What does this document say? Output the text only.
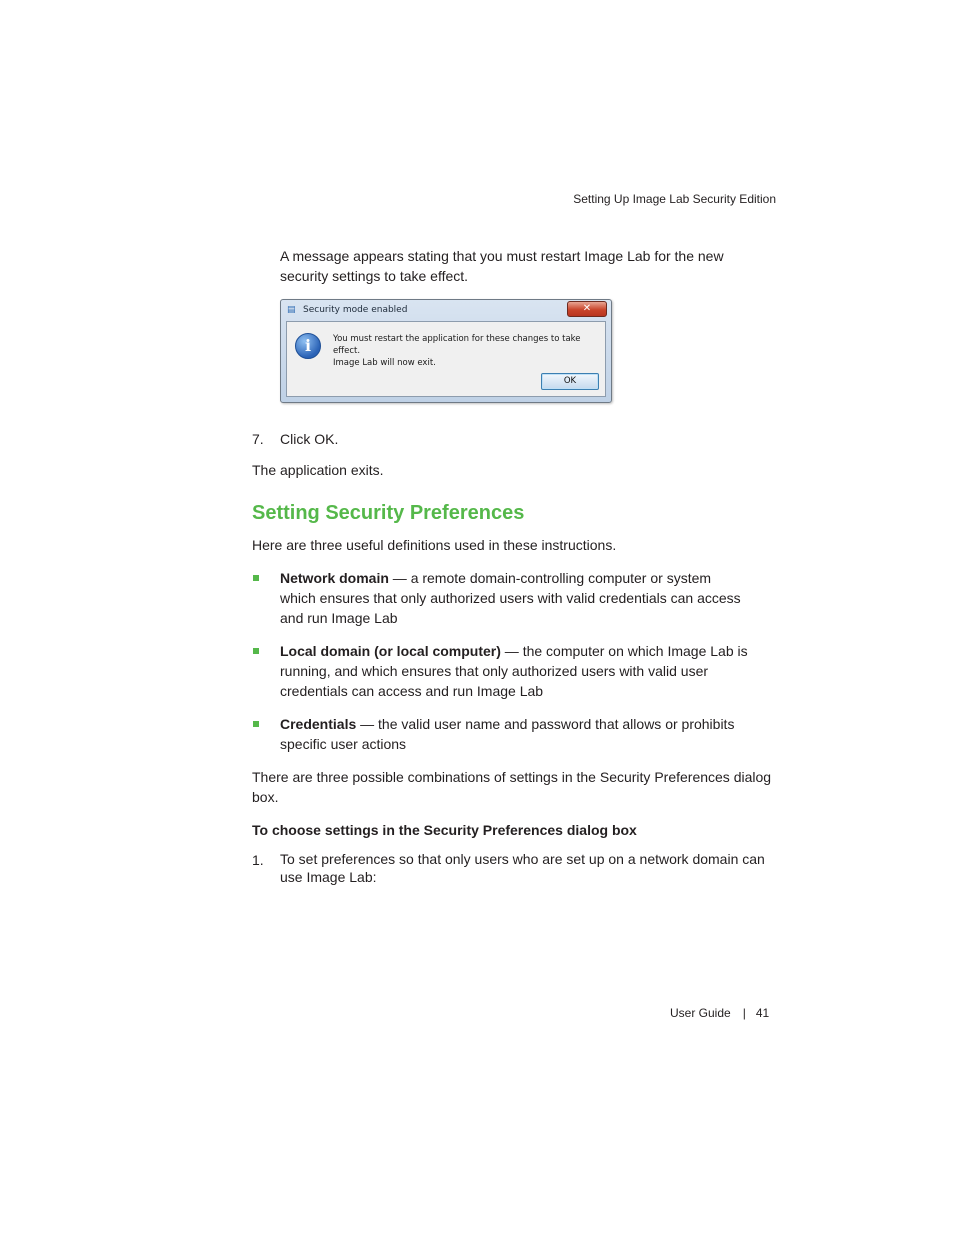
Setting Up Image Lab Security Edition
A message appears stating that you must restart Image Lab for the new security settings to take effect.
▤ Security mode enabled	✕
i	You must restart the application for these changes to take effect.
Image Lab will now exit.
OK
7. Click OK.
The application exits.
Setting Security Preferences
Here are three useful definitions used in these instructions.
Network domain — a remote domain-controlling computer or system
which ensures that only authorized users with valid credentials can access
and run Image Lab
Local domain (or local computer) — the computer on which Image Lab is
running, and which ensures that only authorized users with valid user
credentials can access and run Image Lab
Credentials — the valid user name and password that allows or prohibits
specific user actions
There are three possible combinations of settings in the Security Preferences dialog
box.
To choose settings in the Security Preferences dialog box
1. To set preferences so that only users who are set up on a network domain can
use Image Lab:
User Guide | 41
